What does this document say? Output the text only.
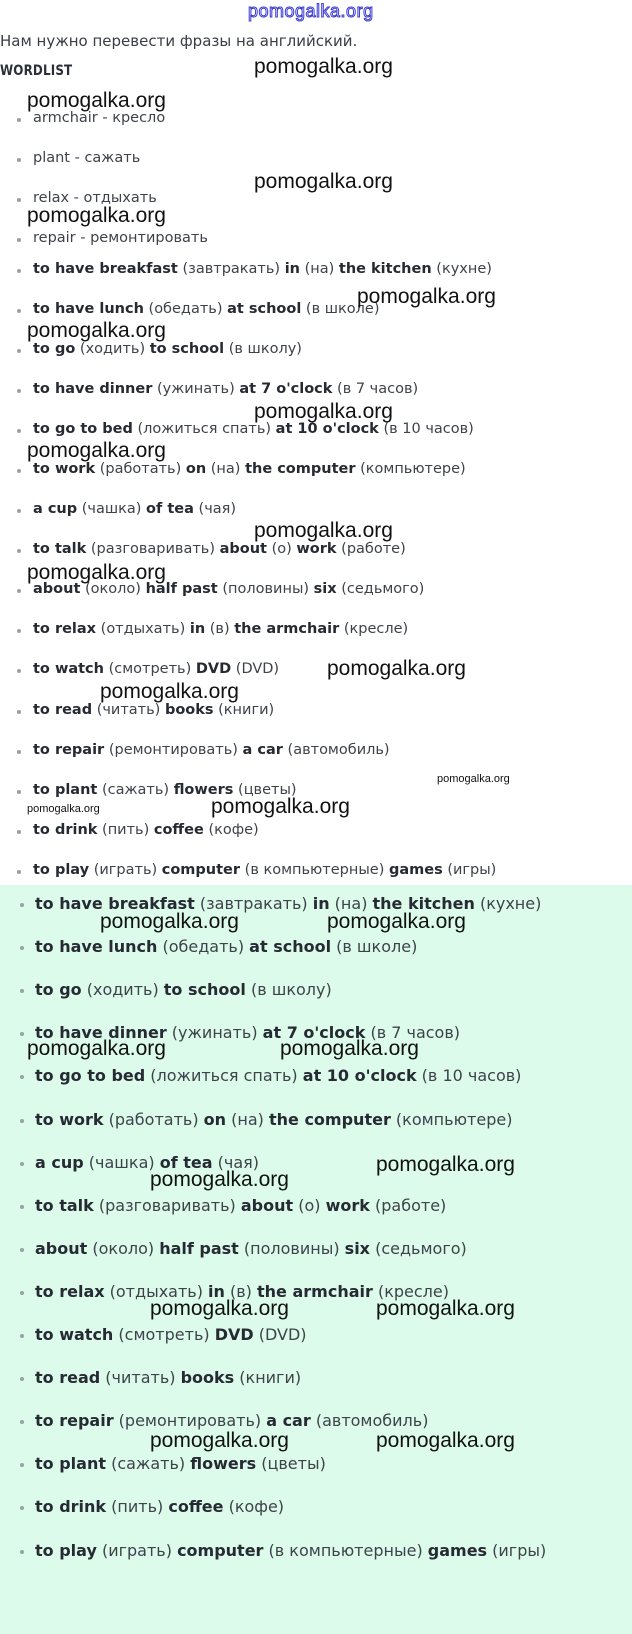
pomogalka.org
Нам нужно перевести фразы на английский.
WORDLIST
armchair - кресло
plant - сажать
relax - отдыхать
repair - ремонтировать
to have breakfast (завтракать) in (на) the kitchen (кухне)
to have lunch (обедать) at school (в школе)
to go (ходить) to school (в школу)
to have dinner (ужинать) at 7 o'clock (в 7 часов)
to go to bed (ложиться спать) at 10 o'clock (в 10 часов)
to work (работать) on (на) the computer (компьютере)
a cup (чашка) of tea (чая)
to talk (разговаривать) about (о) work (работе)
about (около) half past (половины) six (седьмого)
to relax (отдыхать) in (в) the armchair (кресле)
to watch (смотреть) DVD (DVD)
to read (читать) books (книги)
to repair (ремонтировать) a car (автомобиль)
to plant (сажать) flowers (цветы)
to drink (пить) coffee (кофе)
to play (играть) computer (в компьютерные) games (игры)
to have breakfast (завтракать) in (на) the kitchen (кухне)
to have lunch (обедать) at school (в школе)
to go (ходить) to school (в школу)
to have dinner (ужинать) at 7 o'clock (в 7 часов)
to go to bed (ложиться спать) at 10 o'clock (в 10 часов)
to work (работать) on (на) the computer (компьютере)
a cup (чашка) of tea (чая)
to talk (разговаривать) about (о) work (работе)
about (около) half past (половины) six (седьмого)
to relax (отдыхать) in (в) the armchair (кресле)
to watch (смотреть) DVD (DVD)
to read (читать) books (книги)
to repair (ремонтировать) a car (автомобиль)
to plant (сажать) flowers (цветы)
to drink (пить) coffee (кофе)
to play (играть) computer (в компьютерные) games (игры)
pomogalka.org
pomogalka.org
pomogalka.org
pomogalka.org
pomogalka.org
pomogalka.org
pomogalka.org
pomogalka.org
pomogalka.org
pomogalka.org
pomogalka.org
pomogalka.org
pomogalka.org
pomogalka.org	pomogalka.org
pomogalka.org	pomogalka.org
pomogalka.org
pomogalka.org
pomogalka.org	pomogalka.org
pomogalka.org	pomogalka.org
pomogalka.org
pomogalka.org
